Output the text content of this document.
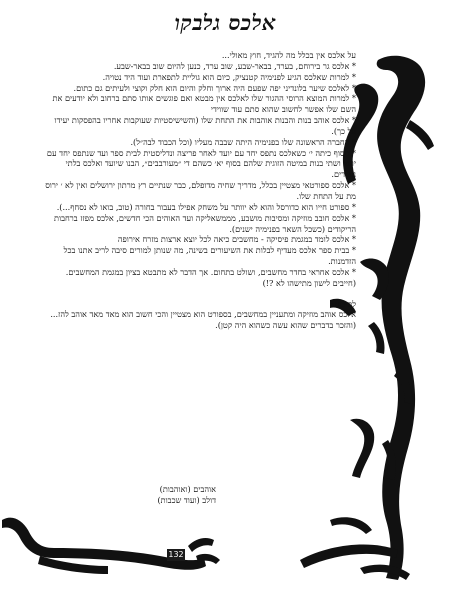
אלכס גלבקו
על אלכס אין בכלל מה להגיד, חוץ מאולי...
* אלכס גר בירוחם, בערד, בבאר-שבע, שוב ערד, כנען להיום שוב בבאר-שבע.
* למרות שאלכס הגיע לפנימיה קטנציק, כיום הוא גוליית לתפארת ועוד היד נטויה.
* לאלכס שיער בלונדיני יפה שפעם היה ארוך וחלק והיום הוא חלק וקוצי ולעיתים גם כתום.
* למרות המוצא הרוסי ההגור שלו לאלכס אין מבטא ואם פוגשים אותו סתם ברחוב ולא יודעים את השם שלו אפשר לחשוב שהוא סתם עוד שווידי
* אלכס אוהב בנות והבנות אוהבות את התחת שלו (והשישיסטיות שעוקבות אחריו בהפסקות יעידו על כך).
* החברה הראשונה שלו בפנימיה היתה שבבה מעליו (וכל הכבוד לבה״ל).
* מסוף כיתה י׳ כשאלכס נתפס יחד עם יועד לאחר פריצה ונדליסטית לבית ספר ועד שנתפס יחד עם יועד ושתי בנות במיטה הזוגית שלהם בסוף יא׳ כשהם די ״מעורבבים״, הבנו שיועד ואלכס בלתי נפרדים.
* אלכס ספורטאי מצטיין בכלל, מדריך שחיה מדופלם, כבר שנתיים רץ מרתון ירושלים ואין לא ׳ ירוס מת על התחת שלו.
* ספורט חייו הוא כדורסל והוא לא יוותר על משחק אפילו בעבור בחורה (טוב, בואו לא נסחף...).
* אלכס חובב מוזיקה ומסיבות מושבע, מממשאליקה ועד האוהים הכי חדשים, אלכס מפזז ברחבות הריקודים (כשכל השאר בפנימיה ישנים).
* אלכס לומד במגמת פיסיקה - מחשבים כיאה לכל יוצא ארצות מזרח אירופה
* בבית ספר אלכס מעדיף לבלות את השיעורים בשינה, מה שנותן למורים סיבה לריב אתנו בכל הזדמנות.
* אלכס אחראי בחדר מחשבים, ושולט בתחום. אך הדבר לא מתבטא בציון במגמת המחשבים. (חייבים לישון מתישהו לא ?!)

לסיכום:

אלכס אוהב מוזיקה ומתעניין במחשבים, בספורט הוא מצטיין והכי חשוב הוא מאד מאד אוהב להז... (והזכר בדברים שהוא עשה כשהוא היה קטן).

אוהבים (ואוהבות)

דולב (ועוד שכבות)

132
